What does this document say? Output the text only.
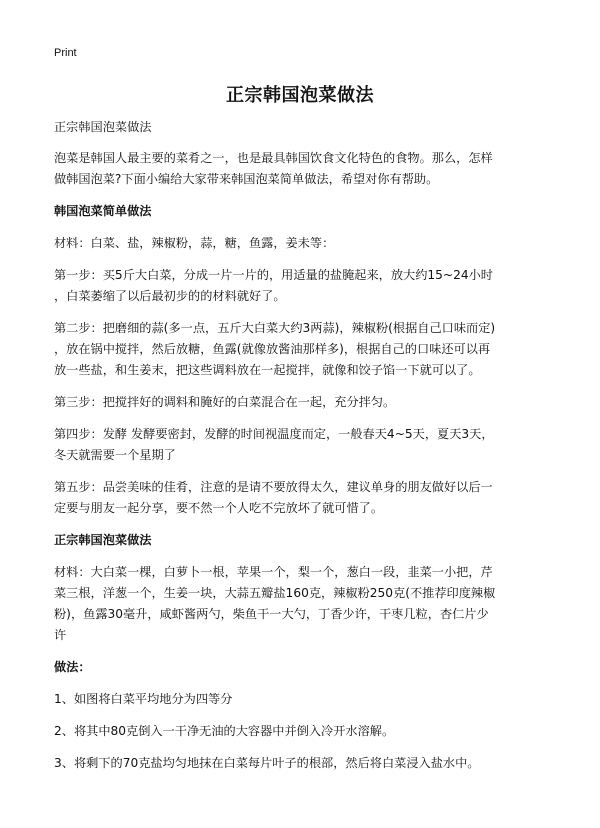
Print
正宗韩国泡菜做法

正宗韩国泡菜做法

泡菜是韩国人最主要的菜肴之一，也是最具韩国饮食文化特色的食物。那么，怎样

做韩国泡菜?下面小编给大家带来韩国泡菜简单做法，希望对你有帮助。

韩国泡菜简单做法

材料：白菜、盐，辣椒粉，蒜，糖，鱼露，姜未等：

第一步：买5斤大白菜，分成一片一片的，用适量的盐腌起来，放大约15~24小时

，白菜萎缩了以后最初步的的材料就好了。

第二步：把磨细的蒜(多一点，五斤大白菜大约3两蒜)，辣椒粉(根据自己口味而定)

，放在锅中搅拌，然后放糖，鱼露(就像放酱油那样多)，根据自己的口味还可以再

放一些盐，和生姜末，把这些调料放在一起搅拌，就像和饺子馅一下就可以了。

第三步：把搅拌好的调料和腌好的白菜混合在一起，充分拌匀。

第四步：发酵 发酵要密封，发酵的时间视温度而定，一般春天4~5天，夏天3天，

冬天就需要一个星期了

第五步：品尝美味的佳肴，注意的是请不要放得太久，建议单身的朋友做好以后一

定要与朋友一起分享，要不然一个人吃不完放坏了就可惜了。

正宗韩国泡菜做法

材料：大白菜一棵，白萝卜一根，苹果一个，梨一个，葱白一段，韭菜一小把，芹

菜三根，洋葱一个，生姜一块，大蒜五瓣盐160克，辣椒粉250克(不推荐印度辣椒

粉)，鱼露30毫升，咸虾酱两勺，柴鱼干一大勺，丁香少许，干枣几粒，杏仁片少

许

做法：

1、如图将白菜平均地分为四等分

2、将其中80克倒入一干净无油的大容器中并倒入冷开水溶解。

3、将剩下的70克盐均匀地抹在白菜每片叶子的根部，然后将白菜浸入盐水中。
